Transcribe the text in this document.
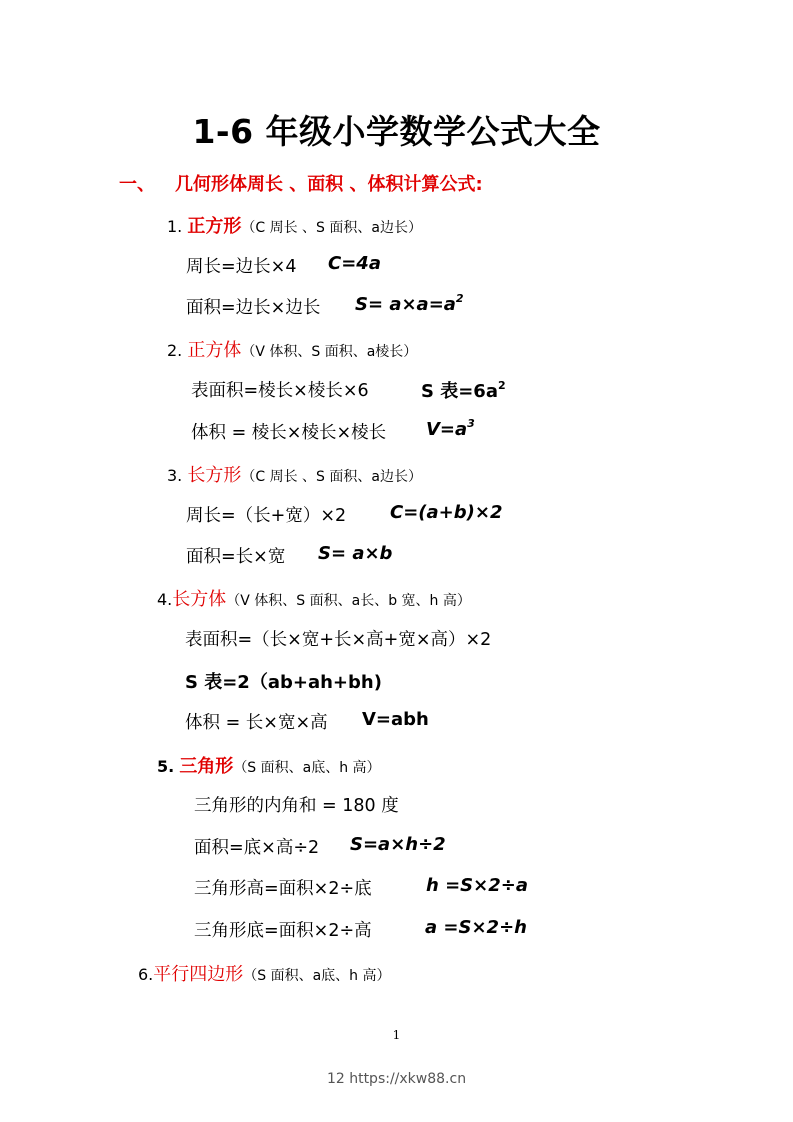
1-6 年级小学数学公式大全
一、 几何形体周长 、面积 、体积计算公式:
1. 正方形（C 周长 、S 面积、a边长）
周长=边长×4 C=4a
面积=边长×边长 $S= a\times a=a^2$
2. 正方体（V 体积、S 面积、a棱长）
表面积=棱长×棱长×6	S 表$=6a^2$
体积 = 棱长×棱长×棱长 $V=a^3$
3. 长方形（C 周长 、S 面积、a边长）
周长=（长+宽）×2 C=(a+b)×2
面积=长×宽 S= a×b
4.长方体（V 体积、S 面积、a长、b 宽、h 高）
表面积=（长×宽+长×高+宽×高）×2
S 表=2（ab+ah+bh)
体积 = 长×宽×高 V=abh
5. 三角形（S 面积、a底、h 高）
三角形的内角和 = 180 度
面积=底×高÷2 S=a×h÷2
三角形高=面积×2÷底	h =S×2÷a
三角形底=面积×2÷高	a =S×2÷h
6.平行四边形（S 面积、a底、h 高）
1
12 https://xkw88.cn
